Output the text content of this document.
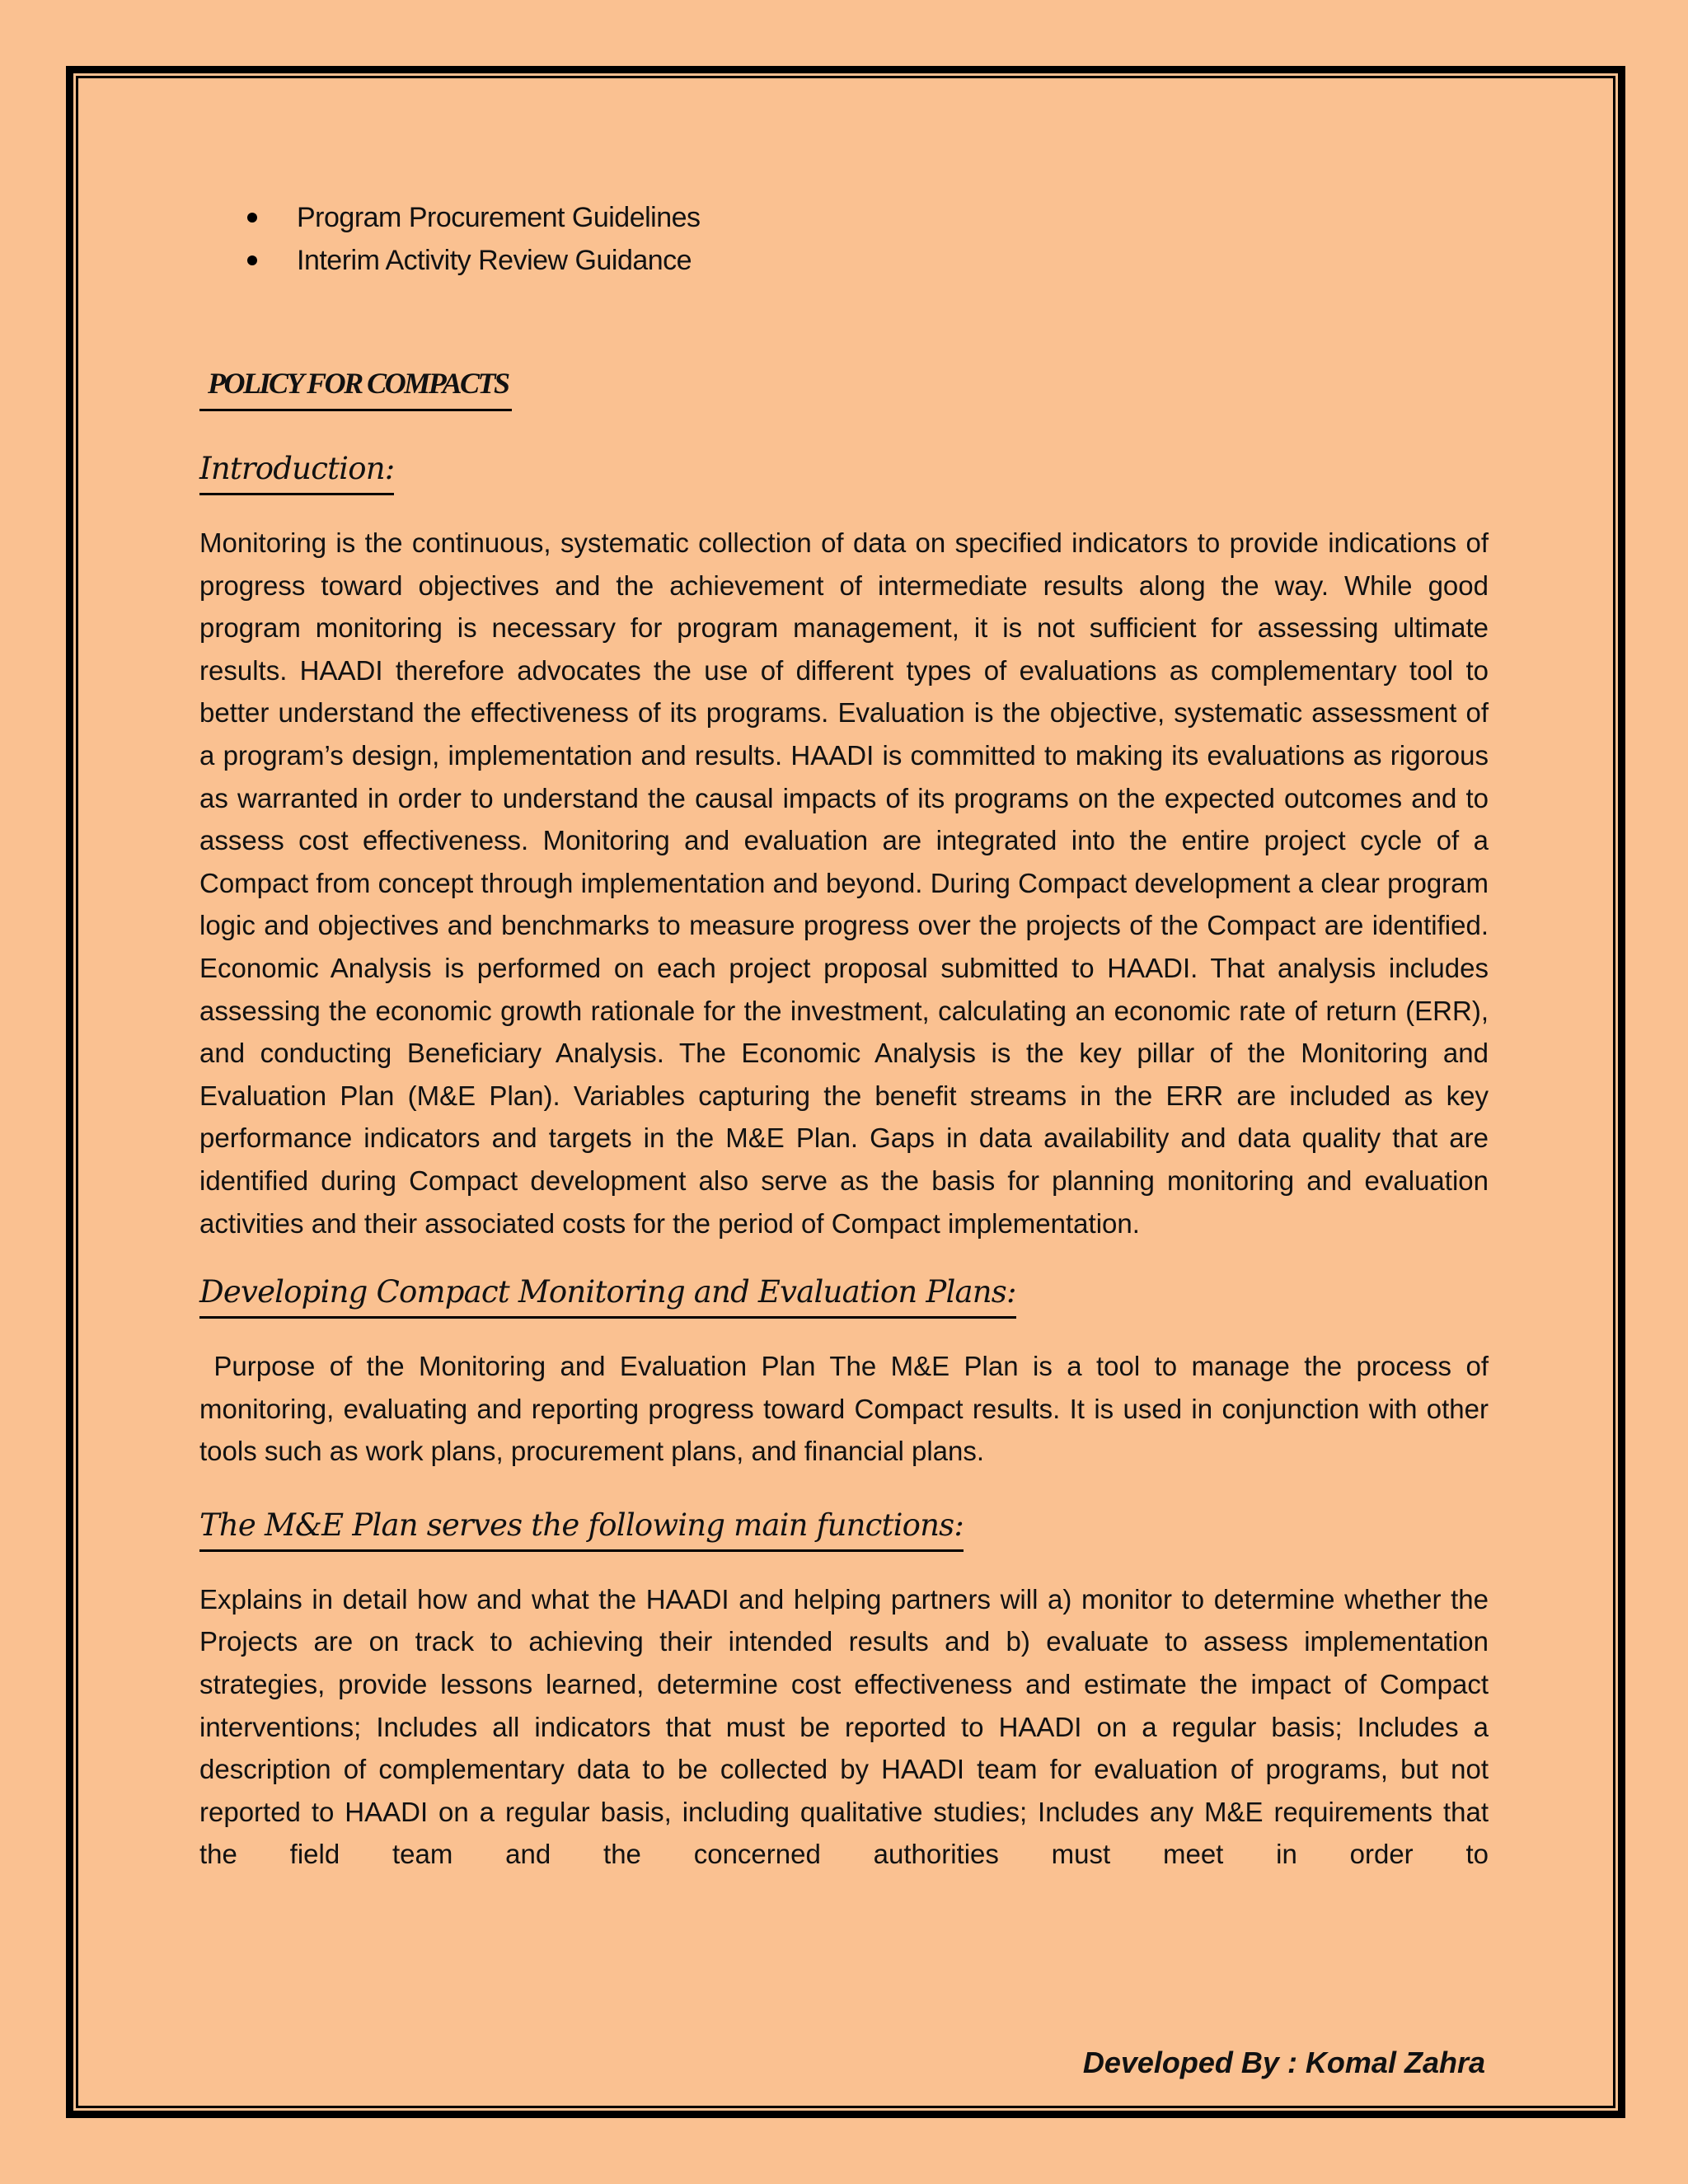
Program Procurement Guidelines
Interim Activity Review Guidance
POLICY FOR COMPACTS
Introduction:

Monitoring is the continuous, systematic collection of data on specified indicators to provide indications of progress toward objectives and the achievement of intermediate results along the way. While good program monitoring is necessary for program management, it is not sufficient for assessing ultimate results. HAADI therefore advocates the use of different types of evaluations as complementary tool to better understand the effectiveness of its programs. Evaluation is the objective, systematic assessment of a program’s design, implementation and results. HAADI is committed to making its evaluations as rigorous as warranted in order to understand the causal impacts of its programs on the expected outcomes and to assess cost effectiveness. Monitoring and evaluation are integrated into the entire project cycle of a Compact from concept through implementation and beyond. During Compact development a clear program logic and objectives and benchmarks to measure progress over the projects of the Compact are identified. Economic Analysis is performed on each project proposal submitted to HAADI. That analysis includes assessing the economic growth rationale for the investment, calculating an economic rate of return (ERR), and conducting Beneficiary Analysis. The Economic Analysis is the key pillar of the Monitoring and Evaluation Plan (M&E Plan). Variables capturing the benefit streams in the ERR are included as key performance indicators and targets in the M&E Plan. Gaps in data availability and data quality that are identified during Compact development also serve as the basis for planning monitoring and evaluation activities and their associated costs for the period of Compact implementation.

Developing Compact Monitoring and Evaluation Plans:

Purpose of the Monitoring and Evaluation Plan The M&E Plan is a tool to manage the process of monitoring, evaluating and reporting progress toward Compact results. It is used in conjunction with other tools such as work plans, procurement plans, and financial plans.

The M&E Plan serves the following main functions:

Explains in detail how and what the HAADI and helping partners will a) monitor to determine whether the Projects are on track to achieving their intended results and b) evaluate to assess implementation strategies, provide lessons learned, determine cost effectiveness and estimate the impact of Compact interventions; Includes all indicators that must be reported to HAADI on a regular basis; Includes a description of complementary data to be collected by HAADI team for evaluation of programs, but not reported to HAADI on a regular basis, including qualitative studies; Includes any M&E requirements that the field team and the concerned authorities must meet in order to

Developed By : Komal Zahra
